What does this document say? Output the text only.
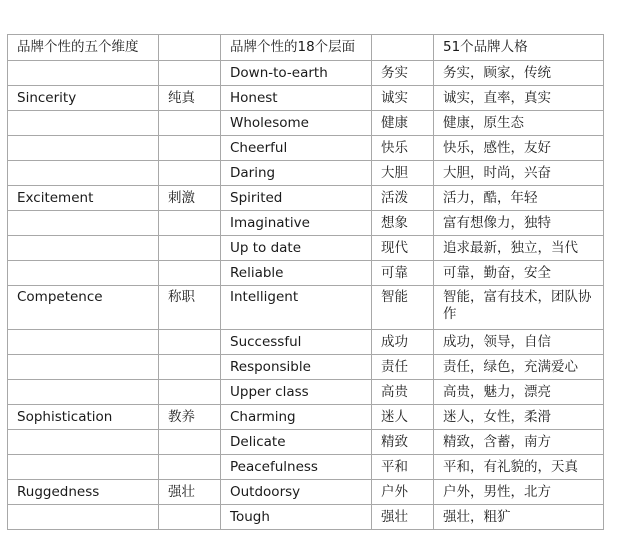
品牌个性的五个维度		品牌个性的18个层面		51个品牌人格
		Down-to-earth	务实	务实，顾家，传统
Sincerity	纯真	Honest	诚实	诚实，直率，真实
		Wholesome	健康	健康，原生态
		Cheerful	快乐	快乐，感性，友好
		Daring	大胆	大胆，时尚，兴奋
Excitement	刺激	Spirited	活泼	活力，酷，年轻
		Imaginative	想象	富有想像力，独特
		Up to date	现代	追求最新，独立，当代
		Reliable	可靠	可靠，勤奋，安全
Competence	称职	Intelligent	智能	智能，富有技术，团队协作
		Successful	成功	成功，领导，自信
		Responsible	责任	责任，绿色，充满爱心
		Upper class	高贵	高贵，魅力，漂亮
Sophistication	教养	Charming	迷人	迷人，女性，柔滑
		Delicate	精致	精致，含蓄，南方
		Peacefulness	平和	平和，有礼貌的，天真
Ruggedness	强壮	Outdoorsy	户外	户外，男性，北方
		Tough	强壮	强壮，粗犷
